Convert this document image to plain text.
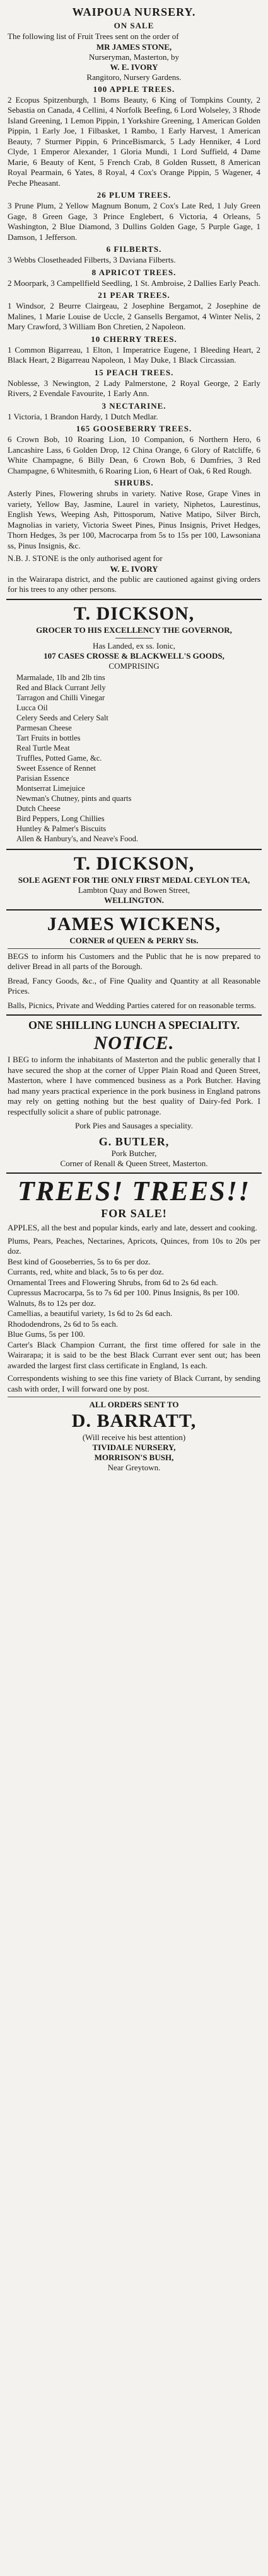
WAIPOUA NURSERY.
ON SALE
The following list of Fruit Trees sent on the order of
MR JAMES STONE,
Nurseryman, Masterton, by
W. E. IVORY
Rangitoro, Nursery Gardens.
100 APPLE TREES.
2 Ecopus Spitzenburgh, 1 Boms Beauty, 6 King of Tompkins County, 2 Sebastia on Canada, 4 Cellini, 4 Norfolk Beefing, 6 Lord Wolseley, 3 Rhode Island Greening, 1 Lemon Pippin, 1 Yorkshire Greening, 1 American Golden Pippin, 1 Early Joe, 1 Filbasket, 1 Rambo, 1 Early Harvest, 1 American Beauty, 7 Sturmer Pippin, 6 PrinceBismarck, 5 Lady Henniker, 4 Lord Clyde, 1 Emperor Alexander, 1 Gloria Mundi, 1 Lord Suffield, 4 Dame Marie, 6 Beauty of Kent, 5 French Crab, 8 Golden Russett, 8 American Royal Pearmain, 6 Yates, 8 Royal, 4 Cox's Orange Pippin, 5 Wagener, 4 Peche Pheasant.
26 PLUM TREES.
3 Prune Plum, 2 Yellow Magnum Bonum, 2 Cox's Late Red, 1 July Green Gage, 8 Green Gage, 3 Prince Englebert, 6 Victoria, 4 Orleans, 5 Washington, 2 Blue Diamond, 3 Dullins Golden Gage, 5 Purple Gage, 1 Damson, 1 Jefferson.
6 FILBERTS.
3 Webbs Closetheaded Filberts, 3 Daviana Filberts.
8 APRICOT TREES.
2 Moorpark, 3 Campellfield Seedling, 1 St. Ambroise, 2 Dallies Early Peach.
21 PEAR TREES.
1 Windsor, 2 Beurre Clairgeau, 2 Josephine Bergamot, 2 Josephine de Malines, 1 Marie Louise de Uccle, 2 Gansells Bergamot, 4 Winter Nelis, 2 Mary Crawford, 3 William Bon Chretien, 2 Napoleon.
10 CHERRY TREES.
1 Common Bigarreau, 1 Elton, 1 Imperatrice Eugene, 1 Bleeding Heart, 2 Black Heart, 2 Bigarreau Napoleon, 1 May Duke, 1 Black Circassian.
15 PEACH TREES.
Noblesse, 3 Newington, 2 Lady Palmerstone, 2 Royal George, 2 Early Rivers, 2 Evendale Favourite, 1 Early Ann.
3 NECTARINE.
1 Victoria, 1 Brandon Hardy, 1 Dutch Medlar.
165 GOOSEBERRY TREES.
6 Crown Bob, 10 Roaring Lion, 10 Companion, 6 Northern Hero, 6 Lancashire Lass, 6 Golden Drop, 12 China Orange, 6 Glory of Ratcliffe, 6 White Champagne, 6 Billy Dean, 6 Crown Bob, 6 Dumfries, 3 Red Champagne, 6 Whitesmith, 6 Roaring Lion, 6 Heart of Oak, 6 Red Rough.
SHRUBS.
Asterly Pines, Flowering shrubs in variety. Native Rose, Grape Vines in variety, Yellow Bay, Jasmine, Laurel in variety, Niphetos, Laurestinus, English Yews, Weeping Ash, Pittosporum, Native Matipo, Silver Birch, Magnolias in variety, Victoria Sweet Pines, Pinus Insignis, Privet Hedges, Thorn Hedges, 3s per 100, Macrocarpa from 5s to 15s per 100, Lawsoniana ss, Pinus Insignis, &c.
N.B. J. STONE is the only authorised agent for
W. E. IVORY
in the Wairarapa district, and the public are cautioned against giving orders for his trees to any other persons.
T. DICKSON,
GROCER TO HIS EXCELLENCY THE GOVERNOR,
Has Landed, ex ss. Ionic,
107 CASES CROSSE & BLACKWELL'S GOODS,
COMPRISING
Marmalade, 1lb and 2lb tins
Red and Black Currant Jelly
Tarragon and Chilli Vinegar
Lucca Oil
Celery Seeds and Celery Salt
Parmesan Cheese
Tart Fruits in bottles
Real Turtle Meat
Truffles, Potted Game, &c.
Sweet Essence of Rennet
Parisian Essence
Montserrat Limejuice
Newman's Chutney, pints and quarts
Dutch Cheese
Bird Peppers, Long Chillies
Huntley & Palmer's Biscuits
Allen & Hanbury's, and Neave's Food.
T. DICKSON,
SOLE AGENT FOR THE ONLY FIRST MEDAL CEYLON TEA,
Lambton Quay and Bowen Street,
WELLINGTON.
JAMES WICKENS,
CORNER of QUEEN & PERRY Sts.
BEGS to inform his Customers and the Public that he is now prepared to deliver Bread in all parts of the Borough.
Bread, Fancy Goods, &c., of Fine Quality and Quantity at all Reasonable Prices.
Balls, Picnics, Private and Wedding Parties catered for on reasonable terms.
ONE SHILLING LUNCH A SPECIALITY.
NOTICE.
I BEG to inform the inhabitants of Masterton and the public generally that I have secured the shop at the corner of Upper Plain Road and Queen Street, Masterton, where I have commenced business as a Pork Butcher. Having had many years practical experience in the pork business in England patrons may rely on getting nothing but the best quality of Dairy-fed Pork. I respectfully solicit a share of public patronage.
Pork Pies and Sausages a speciality.
G. BUTLER,
Pork Butcher,
Corner of Renall & Queen Street, Masterton.
TREES! TREES!!
FOR SALE!
APPLES, all the best and popular kinds, early and late, dessert and cooking.
Plums, Pears, Peaches, Nectarines, Apricots, Quinces, from 10s to 20s per doz.
Best kind of Gooseberries, 5s to 6s per doz.
Currants, red, white and black, 5s to 6s per doz.
Ornamental Trees and Flowering Shrubs, from 6d to 2s 6d each.
Cupressus Macrocarpa, 5s to 7s 6d per 100. Pinus Insignis, 8s per 100.
Walnuts, 8s to 12s per doz.
Camellias, a beautiful variety, 1s 6d to 2s 6d each.
Rhododendrons, 2s 6d to 5s each.
Blue Gums, 5s per 100.
Carter's Black Champion Currant, the first time offered for sale in the Wairarapa; it is said to be the best Black Currant ever sent out; has been awarded the largest first class certificate in England, 1s each.
Correspondents wishing to see this fine variety of Black Currant, by sending cash with order, I will forward one by post.
ALL ORDERS SENT TO
D. BARRATT,
(Will receive his best attention)
TIVIDALE NURSERY,
MORRISON'S BUSH,
Near Greytown.
